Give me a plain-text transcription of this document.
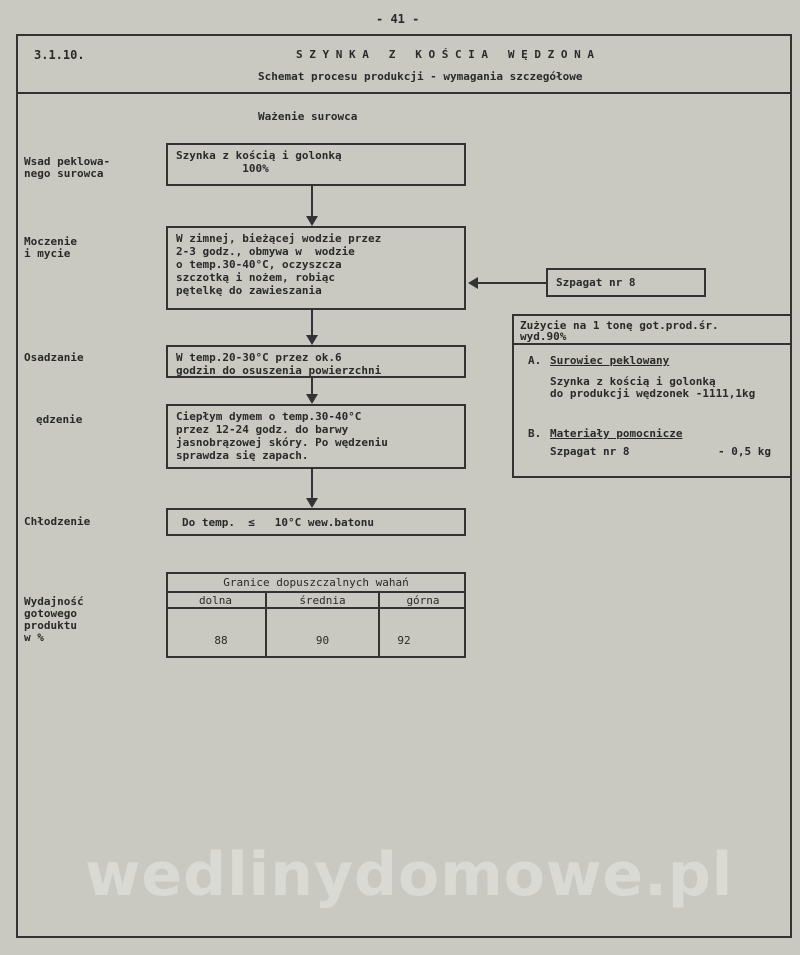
- 41 -
3.1.10.	S Z Y N K A   Z   K O Ś C I A   W Ę D Z O N A
Schemat procesu produkcji - wymagania szczegółowe
Ważenie surowca
Wsad peklowa-
nego surowca
Moczenie
i mycie
Osadzanie
ędzenie
Chłodzenie
Szynka z kością i golonką
100%
W zimnej, bieżącej wodzie przez
2-3 godz., obmywa w  wodzie
o temp.30-40°C, oczyszcza
szczotką i nożem, robiąc
pętelkę do zawieszania
W temp.20-30°C przez ok.6
godzin do osuszenia powierzchni
Ciepłym dymem o temp.30-40°C
przez 12-24 godz. do barwy
jasnobrązowej skóry. Po wędzeniu
sprawdza się zapach.
Do temp.  ≤   10°C wew.batonu
Szpagat nr 8
Zużycie na 1 tonę got.prod.śr.
wyd.90%
A. Surowiec peklowany
Szynka z kością i golonką
do produkcji wędzonek -1111,1kg
B. Materiały pomocnicze
Szpagat nr 8	- 0,5 kg
Wydajność
gotowego
produktu
w %
Granice dopuszczalnych wahań
dolna	średnia	górna
88	90	92
wedlinydomowe.pl
